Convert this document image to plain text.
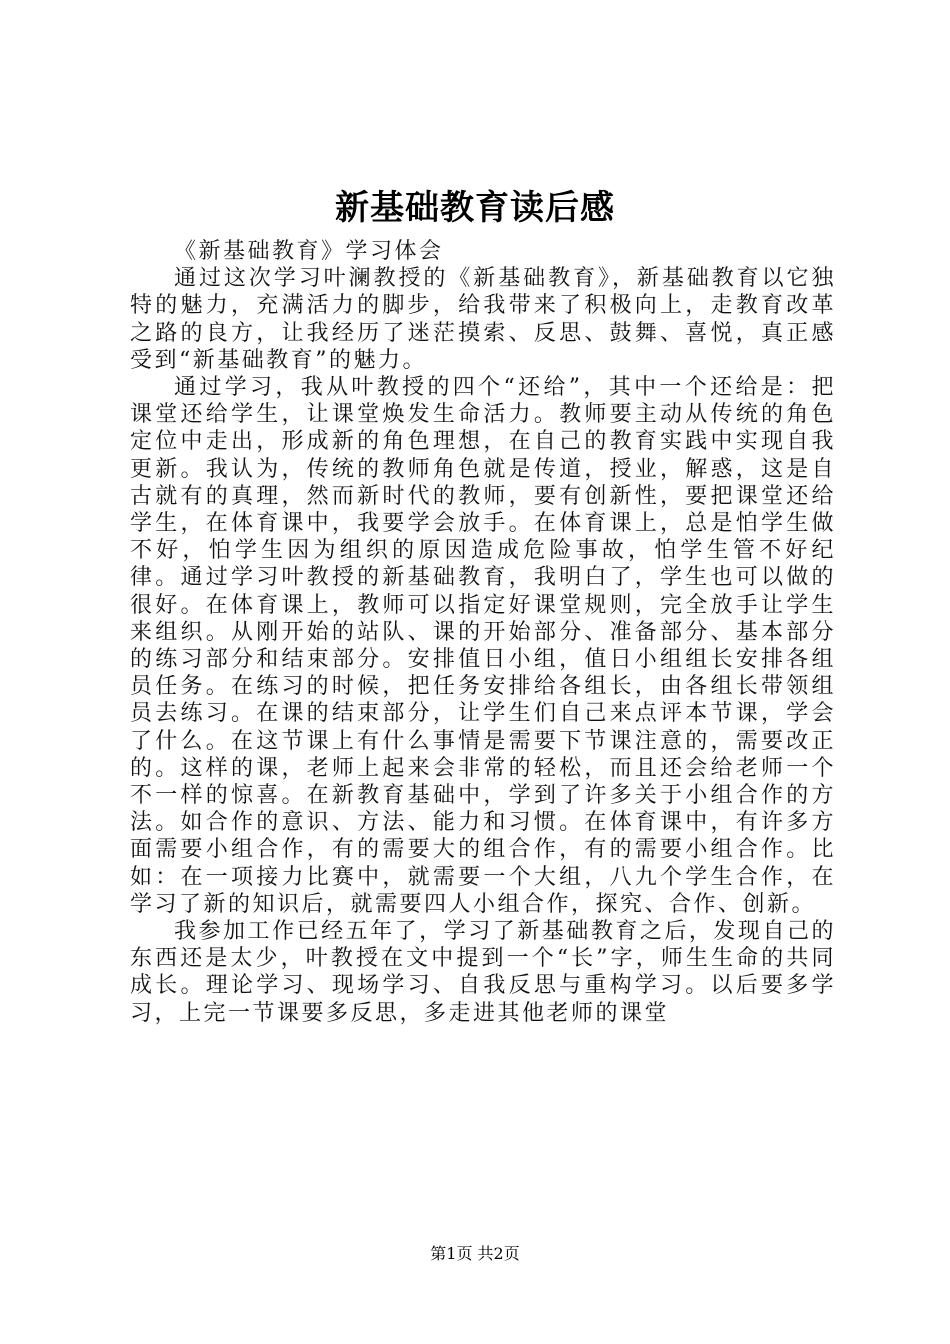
新基础教育读后感

《新基础教育》学习体会

通过这次学习叶澜教授的《新基础教育》，新基础教育以它独特的魅力，充满活力的脚步，给我带来了积极向上，走教育改革之路的良方，让我经历了迷茫摸索、反思、鼓舞、喜悦，真正感受到“新基础教育”的魅力。

通过学习，我从叶教授的四个“还给”，其中一个还给是：把课堂还给学生，让课堂焕发生命活力。教师要主动从传统的角色定位中走出，形成新的角色理想，在自己的教育实践中实现自我更新。我认为，传统的教师角色就是传道，授业，解惑，这是自古就有的真理，然而新时代的教师，要有创新性，要把课堂还给学生，在体育课中，我要学会放手。在体育课上，总是怕学生做不好，怕学生因为组织的原因造成危险事故，怕学生管不好纪律。通过学习叶教授的新基础教育，我明白了，学生也可以做的很好。在体育课上，教师可以指定好课堂规则，完全放手让学生来组织。从刚开始的站队、课的开始部分、准备部分、基本部分的练习部分和结束部分。安排值日小组，值日小组组长安排各组员任务。在练习的时候，把任务安排给各组长，由各组长带领组员去练习。在课的结束部分，让学生们自己来点评本节课，学会了什么。在这节课上有什么事情是需要下节课注意的，需要改正的。这样的课，老师上起来会非常的轻松，而且还会给老师一个不一样的惊喜。在新教育基础中，学到了许多关于小组合作的方法。如合作的意识、方法、能力和习惯。在体育课中，有许多方面需要小组合作，有的需要大的组合作，有的需要小组合作。比如：在一项接力比赛中，就需要一个大组，八九个学生合作，在学习了新的知识后，就需要四人小组合作，探究、合作、创新。

我参加工作已经五年了，学习了新基础教育之后，发现自己的东西还是太少，叶教授在文中提到一个“长”字，师生生命的共同成长。理论学习、现场学习、自我反思与重构学习。以后要多学习，上完一节课要多反思，多走进其他老师的课堂

第1页 共2页
